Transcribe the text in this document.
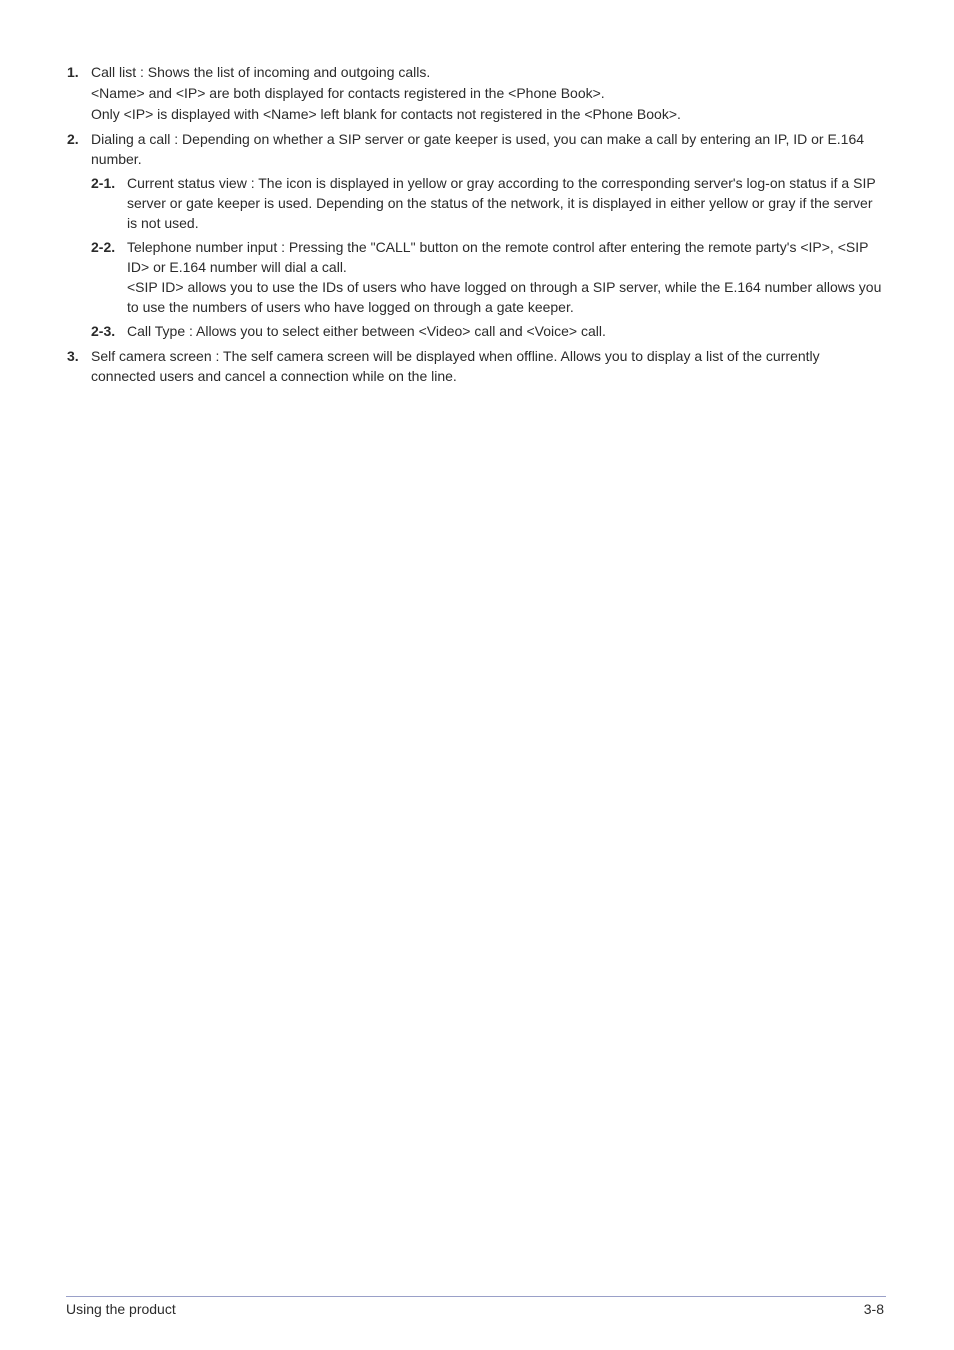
1. Call list : Shows the list of incoming and outgoing calls.

<Name> and <IP> are both displayed for contacts registered in the <Phone Book>.

Only <IP> is displayed with <Name> left blank for contacts not registered in the <Phone Book>.

2. Dialing a call : Depending on whether a SIP server or gate keeper is used, you can make a call by entering an IP, ID or E.164 number.

2-1. Current status view : The icon is displayed in yellow or gray according to the corresponding server's log-on status if a SIP server or gate keeper is used. Depending on the status of the network, it is displayed in either yellow or gray if the server is not used.

2-2. Telephone number input : Pressing the "CALL" button on the remote control after entering the remote party's <IP>, <SIP ID> or E.164 number will dial a call.

<SIP ID> allows you to use the IDs of users who have logged on through a SIP server, while the E.164 number allows you to use the numbers of users who have logged on through a gate keeper.

2-3. Call Type : Allows you to select either between <Video> call and <Voice> call.

3. Self camera screen : The self camera screen will be displayed when offline. Allows you to display a list of the currently connected users and cancel a connection while on the line.

Using the product	3-8
